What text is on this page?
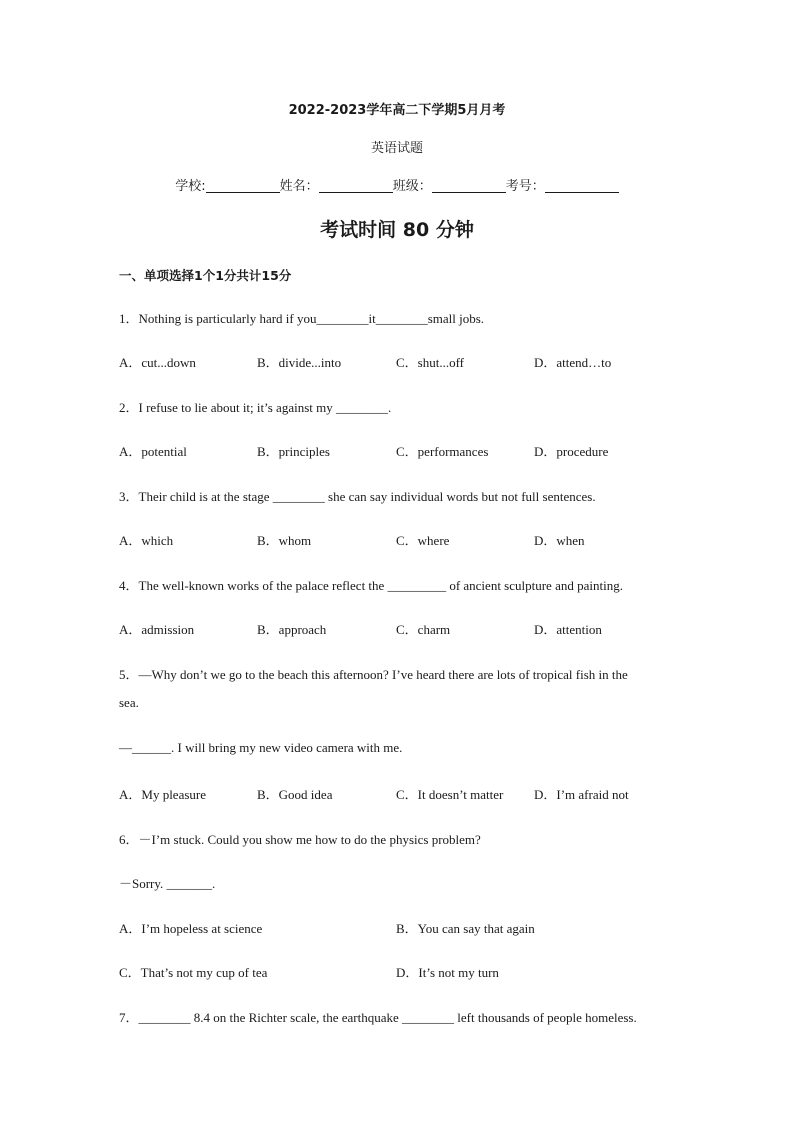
2022-2023学年高二下学期5月月考
英语试题
学校:	姓名：	班级：	考号：
考试时间 80 分钟
一、单项选择1个1分共计15分
1．Nothing is particularly hard if you________it________small jobs.
A．cut...down	B．divide...into	C．shut...off	D．attend…to
2．I refuse to lie about it; it’s against my ________.
A．potential	B．principles	C．performances	D．procedure
3．Their child is at the stage ________ she can say individual words but not full sentences.
A．which	B．whom	C．where	D．when
4．The well-known works of the palace reflect the _________ of ancient sculpture and painting.
A．admission	B．approach	C．charm	D．attention
5．—Why don’t we go to the beach this afternoon? I’ve heard there are lots of tropical fish in the
sea.
—______. I will bring my new video camera with me.
A．My pleasure	B．Good idea	C．It doesn’t matter D．I’m afraid not
6．－I’m stuck. Could you show me how to do the physics problem?
－Sorry. _______.
A．I’m hopeless at science	B．You can say that again
C．That’s not my cup of tea	D．It’s not my turn
7．________ 8.4 on the Richter scale, the earthquake ________ left thousands of people homeless.
